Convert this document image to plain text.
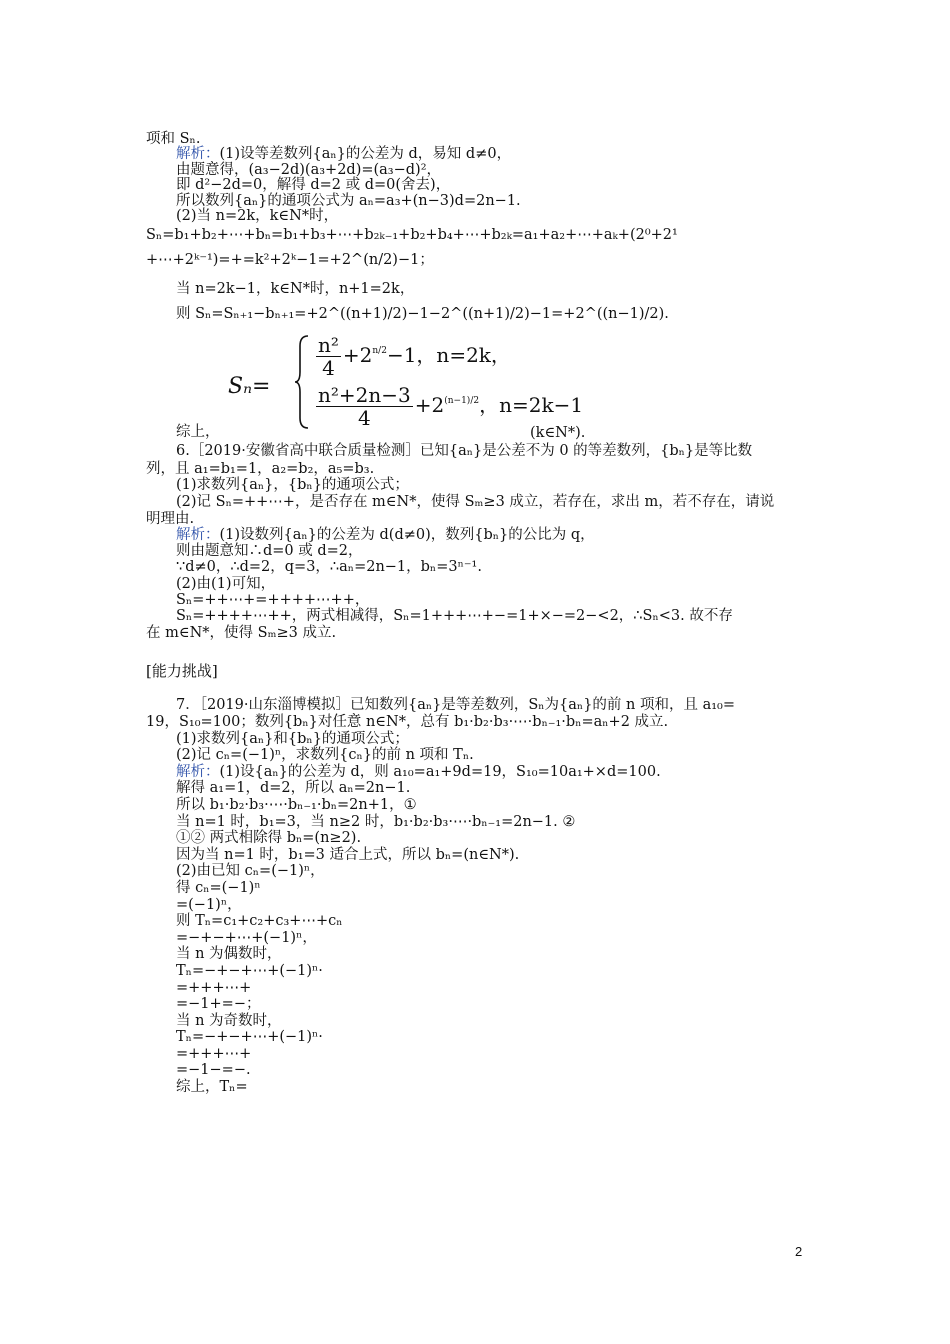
项和 Sₙ.
解析：(1)设等差数列{aₙ}的公差为 d，易知 d≠0，
由题意得，(a₃−2d)(a₃+2d)=(a₃−d)²，
即 d²−2d=0，解得 d=2 或 d=0(舍去)，
所以数列{aₙ}的通项公式为 aₙ=a₃+(n−3)d=2n−1.
(2)当 n=2k，k∈N*时，
Sₙ=b₁+b₂+⋯+bₙ=b₁+b₃+⋯+b₂ₖ₋₁+b₂+b₄+⋯+b₂ₖ=a₁+a₂+⋯+aₖ+(2⁰+2¹
+⋯+2ᵏ⁻¹)=+=k²+2ᵏ−1=+2^(n/2)−1；
当 n=2k−1，k∈N*时，n+1=2k，
则 Sₙ=Sₙ₊₁−bₙ₊₁=+2^((n+1)/2)−1−2^((n+1)/2)−1=+2^((n−1)/2).
综上，
6.［2019·安徽省高中联合质量检测］已知{aₙ}是公差不为 0 的等差数列，{bₙ}是等比数
列，且 a₁=b₁=1，a₂=b₂，a₅=b₃.
(1)求数列{aₙ}，{bₙ}的通项公式；
(2)记 Sₙ=++⋯+，是否存在 m∈N*，使得 Sₘ≥3 成立，若存在，求出 m，若不存在，请说
明理由.
解析：(1)设数列{aₙ}的公差为 d(d≠0)，数列{bₙ}的公比为 q，
则由题意知∴d=0 或 d=2，
∵d≠0，∴d=2，q=3，∴aₙ=2n−1，bₙ=3ⁿ⁻¹.
(2)由(1)可知，
Sₙ=++⋯+=++++⋯++，
Sₙ=++++⋯++，两式相减得，Sₙ=1+++⋯+−=1+×−=2−<2，∴Sₙ<3. 故不存
在 m∈N*，使得 Sₘ≥3 成立.
7．［2019·山东淄博模拟］已知数列{aₙ}是等差数列，Sₙ为{aₙ}的前 n 项和，且 a₁₀=
19，S₁₀=100；数列{bₙ}对任意 n∈N*，总有 b₁·b₂·b₃·⋯·bₙ₋₁·bₙ=aₙ+2 成立.
(1)求数列{aₙ}和{bₙ}的通项公式；
(2)记 cₙ=(−1)ⁿ，求数列{cₙ}的前 n 项和 Tₙ.
解析：(1)设{aₙ}的公差为 d，则 a₁₀=a₁+9d=19，S₁₀=10a₁+×d=100.
解得 a₁=1，d=2，所以 aₙ=2n−1.
所以 b₁·b₂·b₃·⋯·bₙ₋₁·bₙ=2n+1，①
当 n=1 时，b₁=3，当 n≥2 时，b₁·b₂·b₃·⋯·bₙ₋₁=2n−1. ②
①② 两式相除得 bₙ=(n≥2).
因为当 n=1 时，b₁=3 适合上式，所以 bₙ=(n∈N*).
(2)由已知 cₙ=(−1)ⁿ，
得 cₙ=(−1)ⁿ
=(−1)ⁿ，
则 Tₙ=c₁+c₂+c₃+⋯+cₙ
=−+−+⋯+(−1)ⁿ，
当 n 为偶数时，
Tₙ=−+−+⋯+(−1)ⁿ·
=+++⋯+
=−1+=−；
当 n 为奇数时，
Tₙ=−+−+⋯+(−1)ⁿ·
=+++⋯+
=−1−=−.
综上，Tₙ=
[能力挑战]
Sₙ=
$\frac{\text{n²}}{4} +2^{n/2}-1$，n=2k，
$\frac{\text{n²+2n−3}}{4} +2^{(n-1)/2}$，n=2k−1
(k∈N*).
2
